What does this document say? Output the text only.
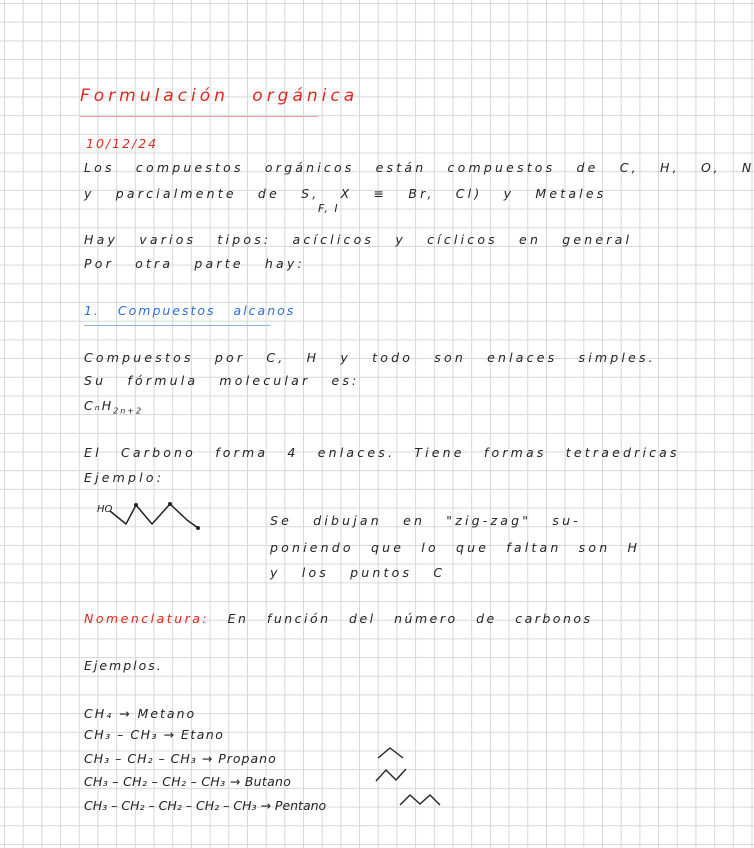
Formulación orgánica
10/12/24
Los compuestos orgánicos están compuestos de C, H, O, N
y parcialmente de S, X ≡ Br, Cl) y Metales
F, I
Hay varios tipos: acíclicos y cíclicos en general
Por otra parte hay:
1. Compuestos alcanos
Compuestos por C, H y todo son enlaces simples.
Su fórmula molecular es:
CₙH$_{2n+2}$
El Carbono forma 4 enlaces. Tiene formas tetraedricas
Ejemplo:
HO
Se dibujan en "zig-zag" su-
poniendo que lo que faltan son H
y los puntos C
Nomenclatura: En función del número de carbonos
Ejemplos.
CH₄ → Metano
CH₃ – CH₃ → Etano
CH₃ – CH₂ – CH₃ → Propano
CH₃ – CH₂ – CH₂ – CH₃ → Butano
CH₃ – CH₂ – CH₂ – CH₂ – CH₃ → Pentano
